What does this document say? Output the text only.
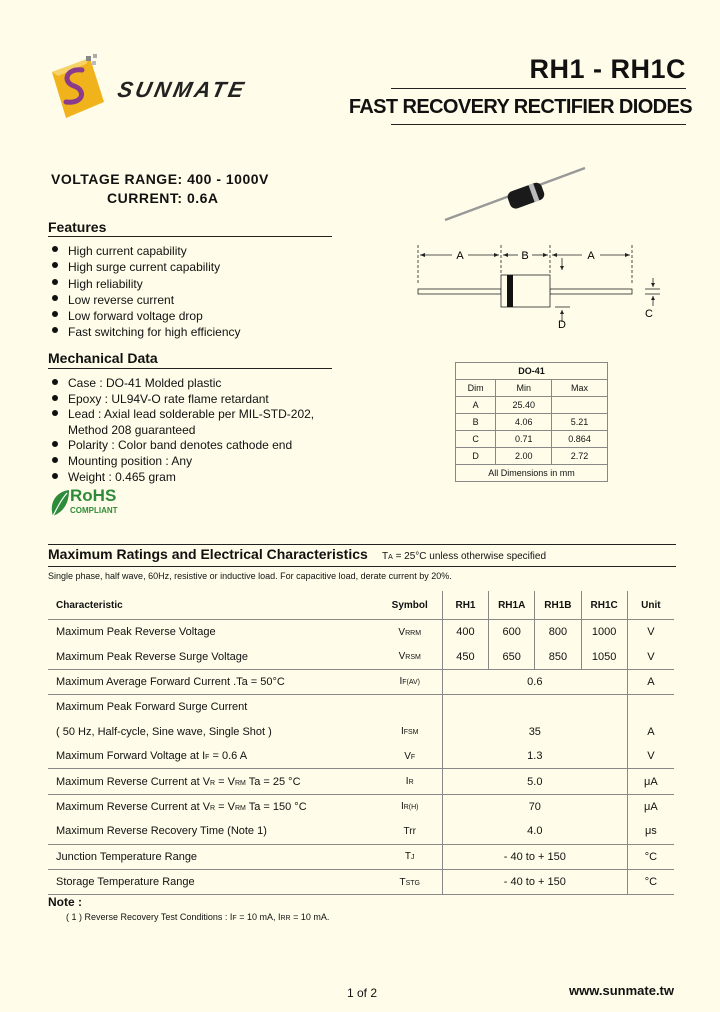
SUNMATE
RH1 - RH1C
FAST RECOVERY RECTIFIER DIODES
VOLTAGE RANGE: 400 - 1000V
CURRENT: 0.6A
Features
High current capability
High surge current capability
High reliability
Low reverse current
Low forward voltage drop
Fast switching for high efficiency
Mechanical Data
Case : DO-41 Molded plastic
Epoxy : UL94V-O rate flame retardant
Lead : Axial lead solderable per MIL-STD-202,
Method 208 guaranteed
Polarity : Color band denotes cathode end
Mounting position : Any
Weight : 0.465 gram
RoHS
COMPLIANT
A	B	A
C
D
DO-41		
Dim	Min	Max
A	25.40	
B	4.06	5.21
C	0.71	0.864
D	2.00	2.72
All Dimensions in mm		
Maximum Ratings and Electrical Characteristics TA = 25°C unless otherwise specified
Single phase, half wave, 60Hz, resistive or inductive load. For capacitive load, derate current by 20%.
Characteristic	Symbol	RH1	RH1A	RH1B	RH1C	Unit
Maximum Peak Reverse Voltage	VRRM	400	600	800	1000	V
Maximum Peak Reverse Surge Voltage	VRSM	450	650	850	1050	V
Maximum Average Forward Current .Ta = 50°C	IF(AV)	0.6				A
Maximum Peak Forward Surge Current						
( 50 Hz, Half-cycle, Sine wave, Single Shot )	IFSM	35				A
Maximum Forward Voltage at IF = 0.6 A	VF	1.3				V
Maximum Reverse Current at VR = VRM Ta = 25 °C	IR	5.0				μA
Maximum Reverse Current at VR = VRM Ta = 150 °C	IR(H)	70				μA
Maximum Reverse Recovery Time (Note 1)	Trr	4.0				μs
Junction Temperature Range	TJ	- 40 to + 150				°C
Storage Temperature Range	TSTG	- 40 to + 150				°C
Note :
( 1 ) Reverse Recovery Test Conditions : IF = 10 mA, IRR = 10 mA.
1 of 2	www.sunmate.tw
